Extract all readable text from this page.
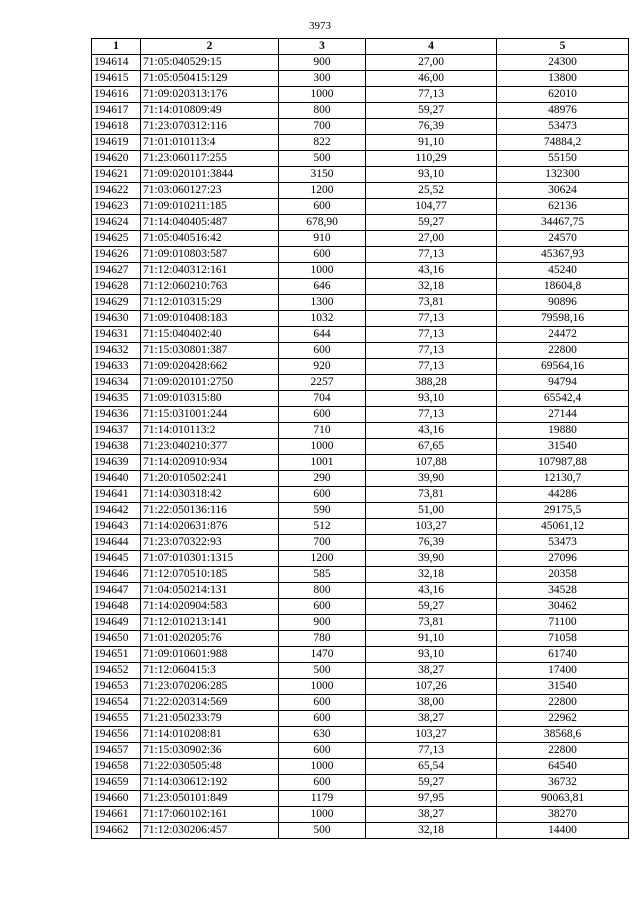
3973
1	2	3	4	5
194614	71:05:040529:15	900	27,00	24300
194615	71:05:050415:129	300	46,00	13800
194616	71:09:020313:176	1000	77,13	62010
194617	71:14:010809:49	800	59,27	48976
194618	71:23:070312:116	700	76,39	53473
194619	71:01:010113:4	822	91,10	74884,2
194620	71:23:060117:255	500	110,29	55150
194621	71:09:020101:3844	3150	93,10	132300
194622	71:03:060127:23	1200	25,52	30624
194623	71:09:010211:185	600	104,77	62136
194624	71:14:040405:487	678,90	59,27	34467,75
194625	71:05:040516:42	910	27,00	24570
194626	71:09:010803:587	600	77,13	45367,93
194627	71:12:040312:161	1000	43,16	45240
194628	71:12:060210:763	646	32,18	18604,8
194629	71:12:010315:29	1300	73,81	90896
194630	71:09:010408:183	1032	77,13	79598,16
194631	71:15:040402:40	644	77,13	24472
194632	71:15:030801:387	600	77,13	22800
194633	71:09:020428:662	920	77,13	69564,16
194634	71:09:020101:2750	2257	388,28	94794
194635	71:09:010315:80	704	93,10	65542,4
194636	71:15:031001:244	600	77,13	27144
194637	71:14:010113:2	710	43,16	19880
194638	71:23:040210:377	1000	67,65	31540
194639	71:14:020910:934	1001	107,88	107987,88
194640	71:20:010502:241	290	39,90	12130,7
194641	71:14:030318:42	600	73,81	44286
194642	71:22:050136:116	590	51,00	29175,5
194643	71:14:020631:876	512	103,27	45061,12
194644	71:23:070322:93	700	76,39	53473
194645	71:07:010301:1315	1200	39,90	27096
194646	71:12:070510:185	585	32,18	20358
194647	71:04:050214:131	800	43,16	34528
194648	71:14:020904:583	600	59,27	30462
194649	71:12:010213:141	900	73,81	71100
194650	71:01:020205:76	780	91,10	71058
194651	71:09:010601:988	1470	93,10	61740
194652	71:12:060415:3	500	38,27	17400
194653	71:23:070206:285	1000	107,26	31540
194654	71:22:020314:569	600	38,00	22800
194655	71:21:050233:79	600	38,27	22962
194656	71:14:010208:81	630	103,27	38568,6
194657	71:15:030902:36	600	77,13	22800
194658	71:22:030505:48	1000	65,54	64540
194659	71:14:030612:192	600	59,27	36732
194660	71:23:050101:849	1179	97,95	90063,81
194661	71:17:060102:161	1000	38,27	38270
194662	71:12:030206:457	500	32,18	14400
